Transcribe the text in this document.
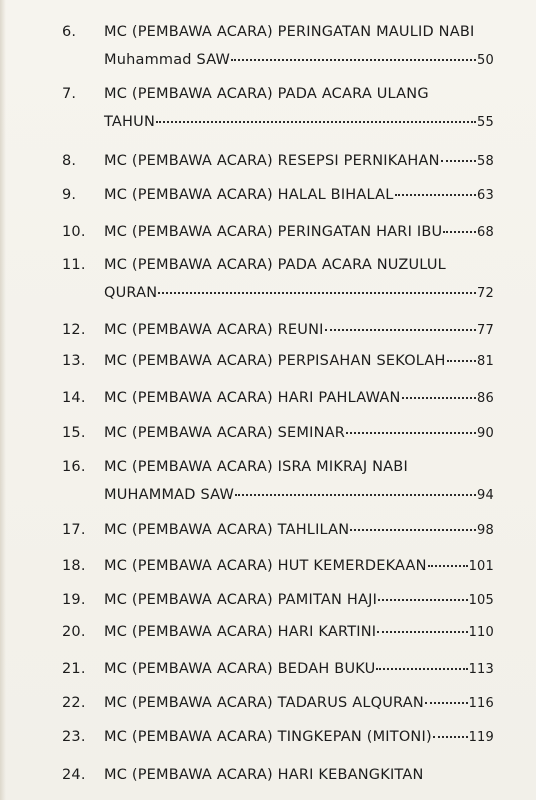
6.	MC (PEMBAWA ACARA) PERINGATAN MAULID NABI
Muhammad SAW	50
7.	MC (PEMBAWA ACARA) PADA ACARA ULANG
TAHUN	55
8.	MC (PEMBAWA ACARA) RESEPSI PERNIKAHAN	58
9.	MC (PEMBAWA ACARA) HALAL BIHALAL	63
10.	MC (PEMBAWA ACARA) PERINGATAN HARI IBU	68
11.	MC (PEMBAWA ACARA) PADA ACARA NUZULUL
QURAN	72
12.	MC (PEMBAWA ACARA) REUNI	77
13.	MC (PEMBAWA ACARA) PERPISAHAN SEKOLAH 81
14.	MC (PEMBAWA ACARA) HARI PAHLAWAN	86
15.	MC (PEMBAWA ACARA) SEMINAR	90
16.	MC (PEMBAWA ACARA) ISRA MIKRAJ NABI
MUHAMMAD SAW	94
17.	MC (PEMBAWA ACARA) TAHLILAN	98
18.	MC (PEMBAWA ACARA) HUT KEMERDEKAAN	101
19.	MC (PEMBAWA ACARA) PAMITAN HAJI	105
20.	MC (PEMBAWA ACARA) HARI KARTINI	110
21.	MC (PEMBAWA ACARA) BEDAH BUKU	113
22.	MC (PEMBAWA ACARA) TADARUS ALQURAN	116
23.	MC (PEMBAWA ACARA) TINGKEPAN (MITONI)	119
24.	MC (PEMBAWA ACARA) HARI KEBANGKITAN
